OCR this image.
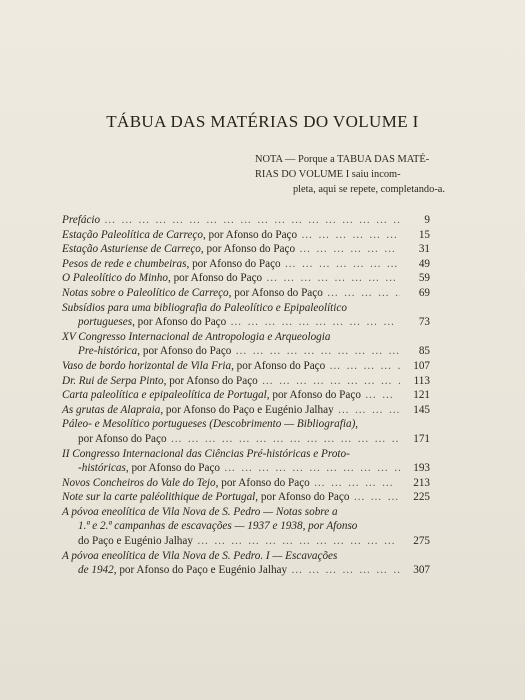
TÁBUA DAS MATÉRIAS DO VOLUME I
NOTA — Porque a TABUA DAS MATÉ-
RIAS DO VOLUME I saiu incom-
pleta, aqui se repete, completando-a.
Prefácio … … … … … … … … … … … … … … … … … … … … … … … … …	9
Estação Paleolítica de Carreço, por Afonso do Paço … … … … … … … … … … … … … … … … … … … … … … … … …	15
Estação Asturiense de Carreço, por Afonso do Paço … … … … … … … … … … … … … … … … … … … … … … … … …	31
Pesos de rede e chumbeiras, por Afonso do Paço … … … … … … … … … … … … … … … … … … … … … … … … …	49
O Paleolítico do Minho, por Afonso do Paço … … … … … … … … … … … … … … … … … … … … … … … … …	59
Notas sobre o Paleolítico de Carreço, por Afonso do Paço … … … … … … … … … … … … … … … … … … … … … … … … …	69
Subsídios para uma bibliografia do Paleolítico e Epipaleolítico
portugueses, por Afonso do Paço … … … … … … … … … … … … … … … … … … … … … … … … …	73
XV Congresso Internacional de Antropologia e Arqueologia
Pre-histórica, por Afonso do Paço … … … … … … … … … … … … … … … … … … … … … … … … …	85
Vaso de bordo horizontal de Vila Fria, por Afonso do Paço … … … … … … … … … … … … … … … … … … … … … … … … …	107
Dr. Rui de Serpa Pinto, por Afonso do Paço … … … … … … … … … … … … … … … … … … … … … … … … …	113
Carta paleolítica e epipaleolítica de Portugal, por Afonso do Paço … … … … … … … … … … … … … … … … … … … … … … … … …	121
As grutas de Alapraia, por Afonso do Paço e Eugénio Jalhay … … … … … … … … … … … … … … … … … … … … … … … … …	145
Páleo- e Mesolítico portugueses (Descobrimento — Bibliografia),
por Afonso do Paço … … … … … … … … … … … … … … … … … … … … … … … … …	171
II Congresso Internacional das Ciências Pré-históricas e Proto-
-históricas, por Afonso do Paço … … … … … … … … … … … … … … … … … … … … … … … … …	193
Novos Concheiros do Vale do Tejo, por Afonso do Paço … … … … … … … … … … … … … … … … … … … … … … … … …	213
Note sur la carte paléolithique de Portugal, por Afonso do Paço … … … … … … … … … … … … … … … … … … … … … … … … …	225
A póvoa eneolítica de Vila Nova de S. Pedro — Notas sobre a
1.ª e 2.ª campanhas de escavações — 1937 e 1938, por Afonso
do Paço e Eugénio Jalhay … … … … … … … … … … … … … … … … … … … … … … … … …	275
A póvoa eneolítica de Vila Nova de S. Pedro. I — Escavações
de 1942, por Afonso do Paço e Eugénio Jalhay … … … … … … … … … … … … … … … … … … … … … … … … …	307
